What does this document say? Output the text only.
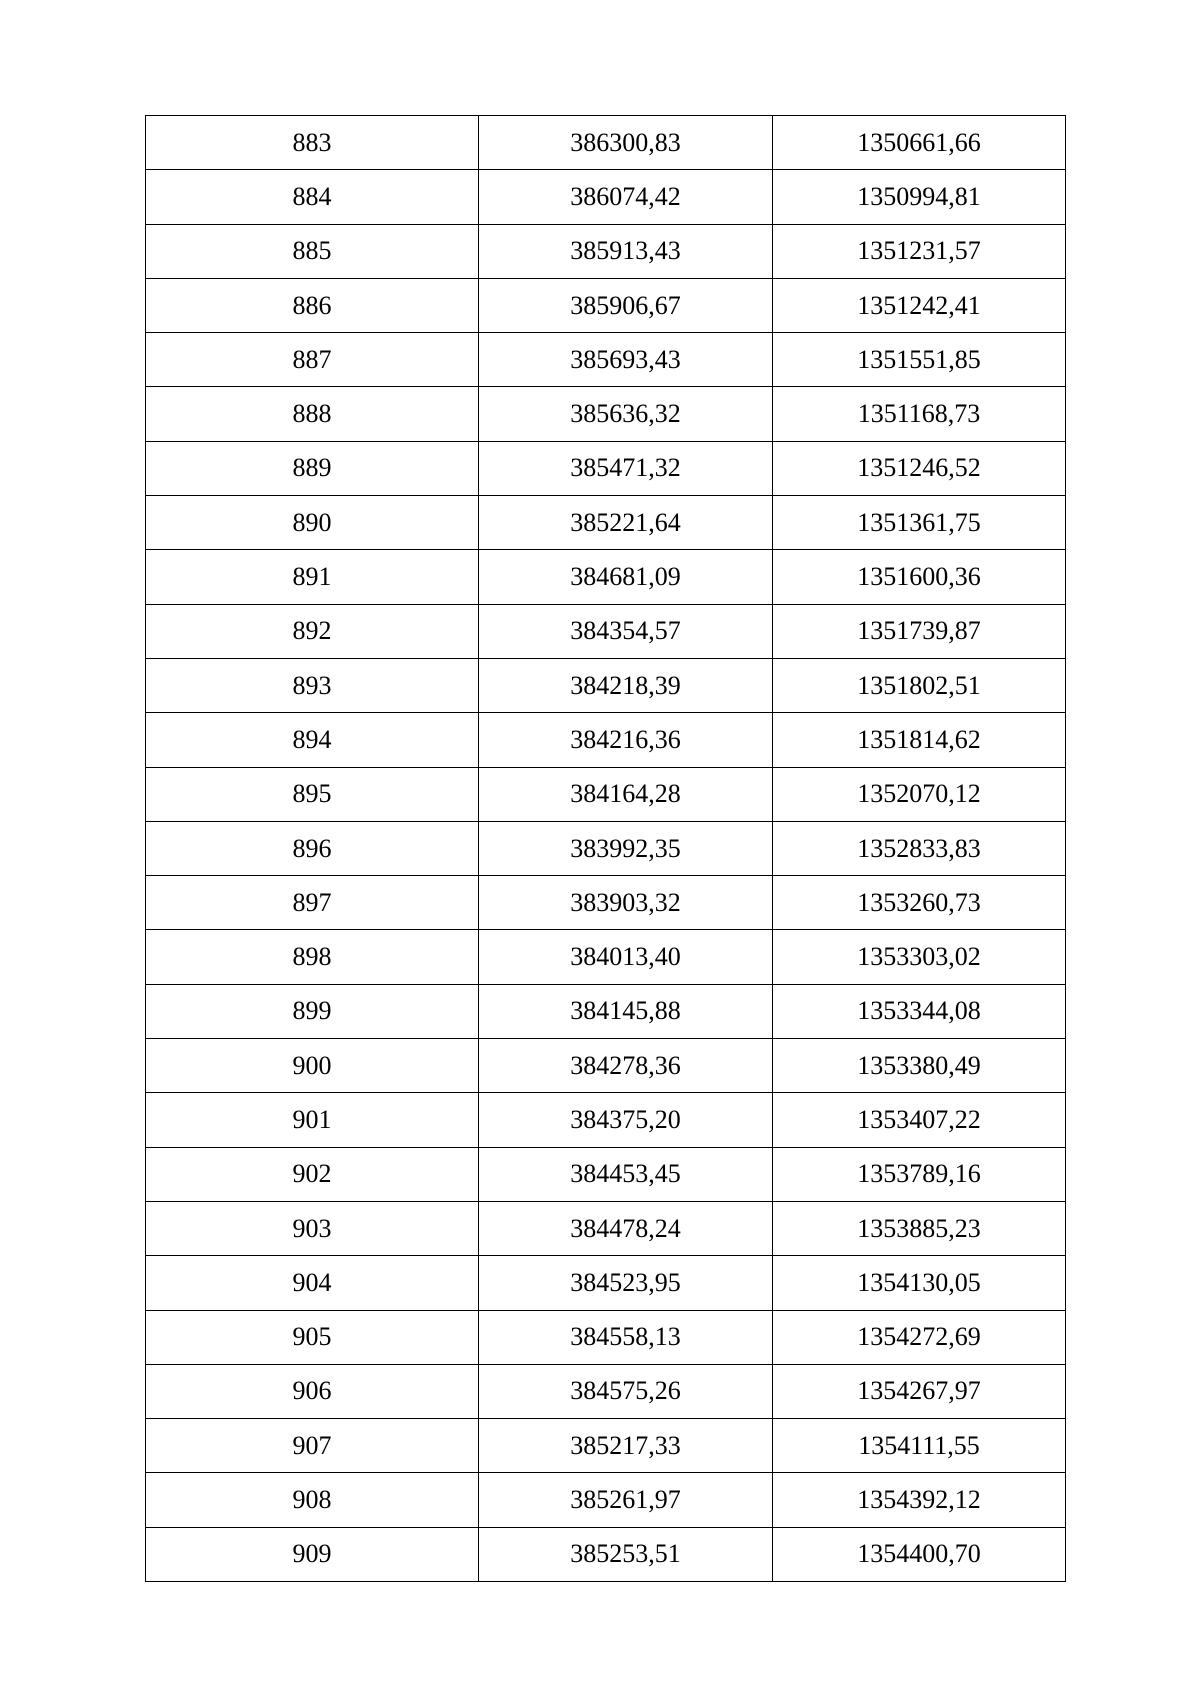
883	386300,83	1350661,66
884	386074,42	1350994,81
885	385913,43	1351231,57
886	385906,67	1351242,41
887	385693,43	1351551,85
888	385636,32	1351168,73
889	385471,32	1351246,52
890	385221,64	1351361,75
891	384681,09	1351600,36
892	384354,57	1351739,87
893	384218,39	1351802,51
894	384216,36	1351814,62
895	384164,28	1352070,12
896	383992,35	1352833,83
897	383903,32	1353260,73
898	384013,40	1353303,02
899	384145,88	1353344,08
900	384278,36	1353380,49
901	384375,20	1353407,22
902	384453,45	1353789,16
903	384478,24	1353885,23
904	384523,95	1354130,05
905	384558,13	1354272,69
906	384575,26	1354267,97
907	385217,33	1354111,55
908	385261,97	1354392,12
909	385253,51	1354400,70
